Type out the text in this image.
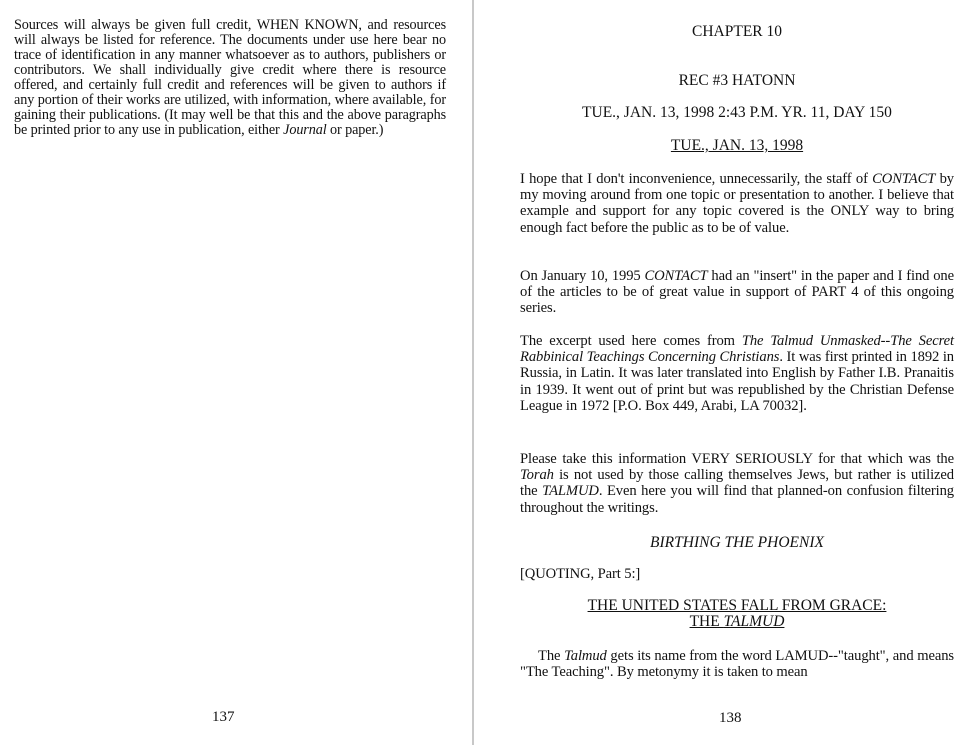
Sources will always be given full credit, WHEN KNOWN, and resources will always be listed for reference. The documents under use here bear no trace of identification in any manner whatsoever as to authors, publishers or contributors. We shall individually give credit where there is resource offered, and certainly full credit and references will be given to authors if any portion of their works are utilized, with information, where available, for gaining their publications. (It may well be that this and the above paragraphs be printed prior to any use in publication, either Journal or paper.)

137

CHAPTER 10

REC #3 HATONN

TUE., JAN. 13, 1998 2:43 P.M. YR. 11, DAY 150

TUE., JAN. 13, 1998

I hope that I don't inconvenience, unnecessarily, the staff of CONTACT by my moving around from one topic or presentation to another. I believe that example and support for any topic covered is the ONLY way to bring enough fact before the public as to be of value.

On January 10, 1995 CONTACT had an "insert" in the paper and I find one of the articles to be of great value in support of PART 4 of this ongoing series.

The excerpt used here comes from The Talmud Unmasked--The Secret Rabbinical Teachings Concerning Christians. It was first printed in 1892 in Russia, in Latin. It was later translated into English by Father I.B. Pranaitis in 1939. It went out of print but was republished by the Christian Defense League in 1972 [P.O. Box 449, Arabi, LA 70032].

Please take this information VERY SERIOUSLY for that which was the Torah is not used by those calling themselves Jews, but rather is utilized the TALMUD. Even here you will find that planned-on confusion filtering throughout the writings.

BIRTHING THE PHOENIX

[QUOTING, Part 5:]

THE UNITED STATES FALL FROM GRACE:
THE TALMUD

The Talmud gets its name from the word LAMUD--"taught", and means "The Teaching". By metonymy it is taken to mean

138
